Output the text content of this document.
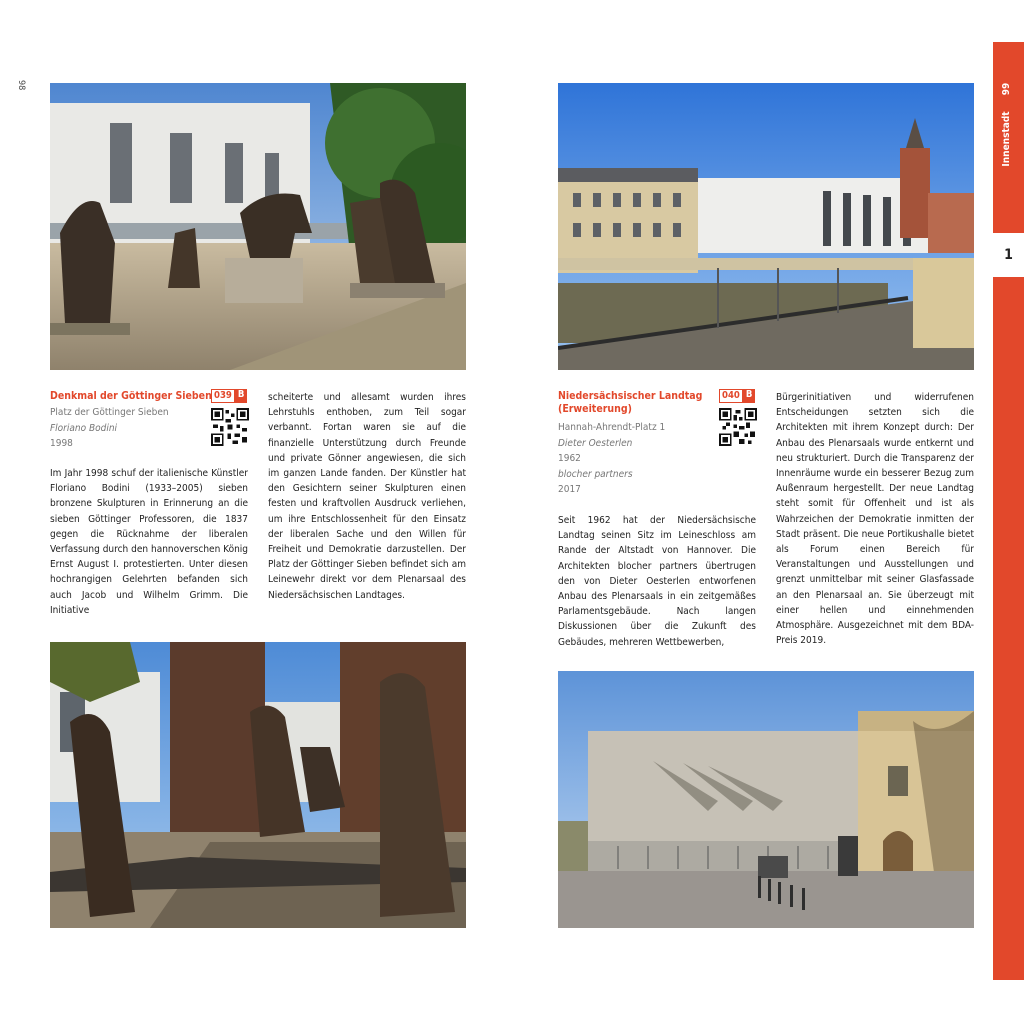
98
Denkmal der Göttinger Sieben 039 B
Platz der Göttinger Sieben
Floriano Bodini
1998
Im Jahr 1998 schuf der italienische Künstler Floriano Bodini (1933–2005) sieben bronzene Skulpturen in Erinnerung an die sieben Göttinger Professoren, die 1837 gegen die Rücknahme der liberalen Verfassung durch den hannoverschen König Ernst August I. protestierten. Unter diesen hochrangigen Gelehrten befanden sich auch Jacob und Wilhelm Grimm. Die Initiative
scheiterte und allesamt wurden ihres Lehrstuhls enthoben, zum Teil sogar verbannt. Fortan waren sie auf die finanzielle Unterstützung durch Freunde und private Gönner angewiesen, die sich im ganzen Lande fanden. Der Künstler hat den Gesichtern seiner Skulpturen einen festen und kraftvollen Ausdruck verliehen, um ihre Entschlossenheit für den Einsatz der liberalen Sache und den Willen für Freiheit und Demokratie darzustellen. Der Platz der Göttinger Sieben befindet sich am Leinewehr direkt vor dem Plenarsaal des Niedersächsischen Landtages.
Niedersächsischer Landtag
(Erweiterung)
040 B
Hannah-Ahrendt-Platz 1
Dieter Oesterlen
1962
blocher partners
2017
Seit 1962 hat der Niedersächsische Landtag seinen Sitz im Leineschloss am Rande der Altstadt von Hannover. Die Architekten blocher partners übertrugen den von Dieter Oesterlen entworfenen Anbau des Plenarsaals in ein zeitgemäßes Parlamentsgebäude. Nach langen Diskussionen über die Zukunft des Gebäudes, mehreren Wettbewerben,
Bürgerinitiativen und widerrufenen Entscheidungen setzten sich die Architekten mit ihrem Konzept durch: Der Anbau des Plenarsaals wurde entkernt und neu strukturiert. Durch die Transparenz der Innenräume wurde ein besserer Bezug zum Außenraum hergestellt. Der neue Landtag steht somit für Offenheit und ist als Wahrzeichen der Demokratie inmitten der Stadt präsent. Die neue Portikushalle bietet als Forum einen Bereich für Veranstaltungen und Ausstellungen und grenzt unmittelbar mit seiner Glasfassade an den Plenarsaal an. Sie überzeugt mit einer hellen und einnehmenden Atmosphäre. Ausgezeichnet mit dem BDA-Preis 2019.
Innenstadt
99
1
